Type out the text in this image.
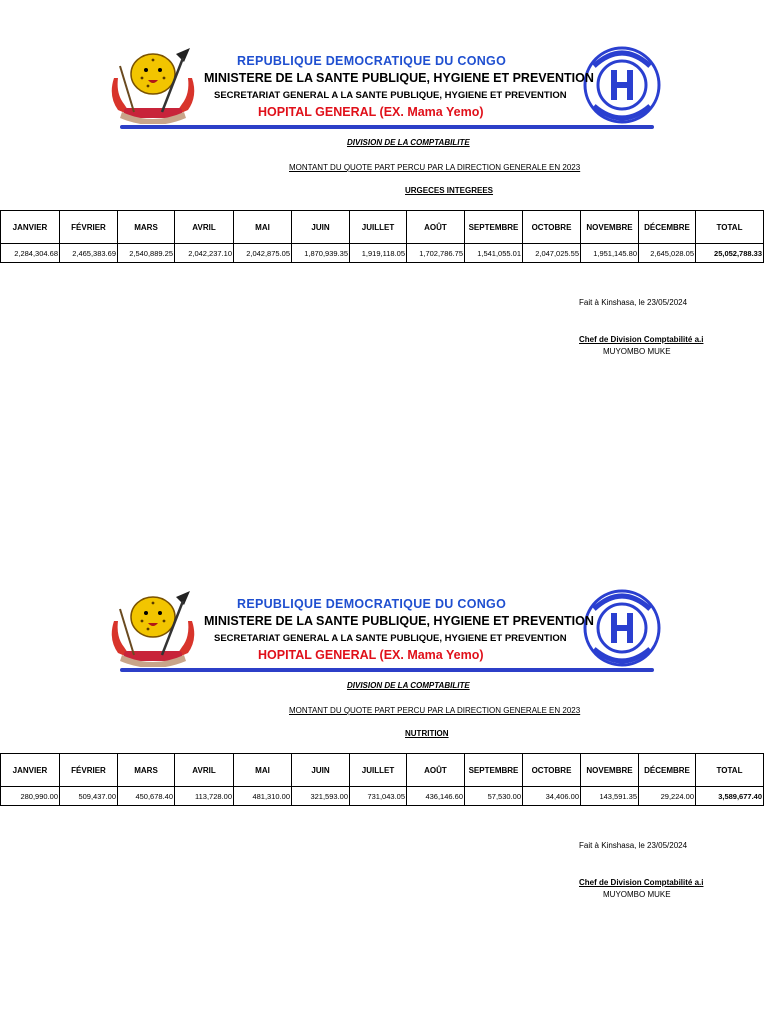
PAIX
REPUBLIQUE DEMOCRATIQUE DU CONGO
MINISTERE DE LA SANTE PUBLIQUE, HYGIENE ET PREVENTION
SECRETARIAT GENERAL A LA SANTE PUBLIQUE, HYGIENE ET PREVENTION
HOPITAL GENERAL (EX. Mama Yemo)
DIVISION DE LA COMPTABILITE
MONTANT DU QUOTE PART PERCU PAR LA DIRECTION GENERALE EN 2023
URGECES INTEGREES
JANVIER	FÉVRIER	MARS	AVRIL	MAI	JUIN	JUILLET	AOÛT	SEPTEMBRE	OCTOBRE	NOVEMBRE	DÉCEMBRE	TOTAL
2,284,304.68	2,465,383.69	2,540,889.25	2,042,237.10	2,042,875.05	1,870,939.35	1,919,118.05	1,702,786.75	1,541,055.01	2,047,025.55	1,951,145.80	2,645,028.05	25,052,788.33
Fait à Kinshasa, le 23/05/2024
Chef de Division Comptabilité a.i
MUYOMBO MUKE
PAIX
REPUBLIQUE DEMOCRATIQUE DU CONGO
MINISTERE DE LA SANTE PUBLIQUE, HYGIENE ET PREVENTION
SECRETARIAT GENERAL A LA SANTE PUBLIQUE, HYGIENE ET PREVENTION
HOPITAL GENERAL (EX. Mama Yemo)
DIVISION DE LA COMPTABILITE
MONTANT DU QUOTE PART PERCU PAR LA DIRECTION GENERALE EN 2023
NUTRITION
JANVIER	FÉVRIER	MARS	AVRIL	MAI	JUIN	JUILLET	AOÛT	SEPTEMBRE	OCTOBRE	NOVEMBRE	DÉCEMBRE	TOTAL
280,990.00	509,437.00	450,678.40	113,728.00	481,310.00	321,593.00	731,043.05	436,146.60	57,530.00	34,406.00	143,591.35	29,224.00	3,589,677.40
Fait à Kinshasa, le 23/05/2024
Chef de Division Comptabilité a.i
MUYOMBO MUKE
